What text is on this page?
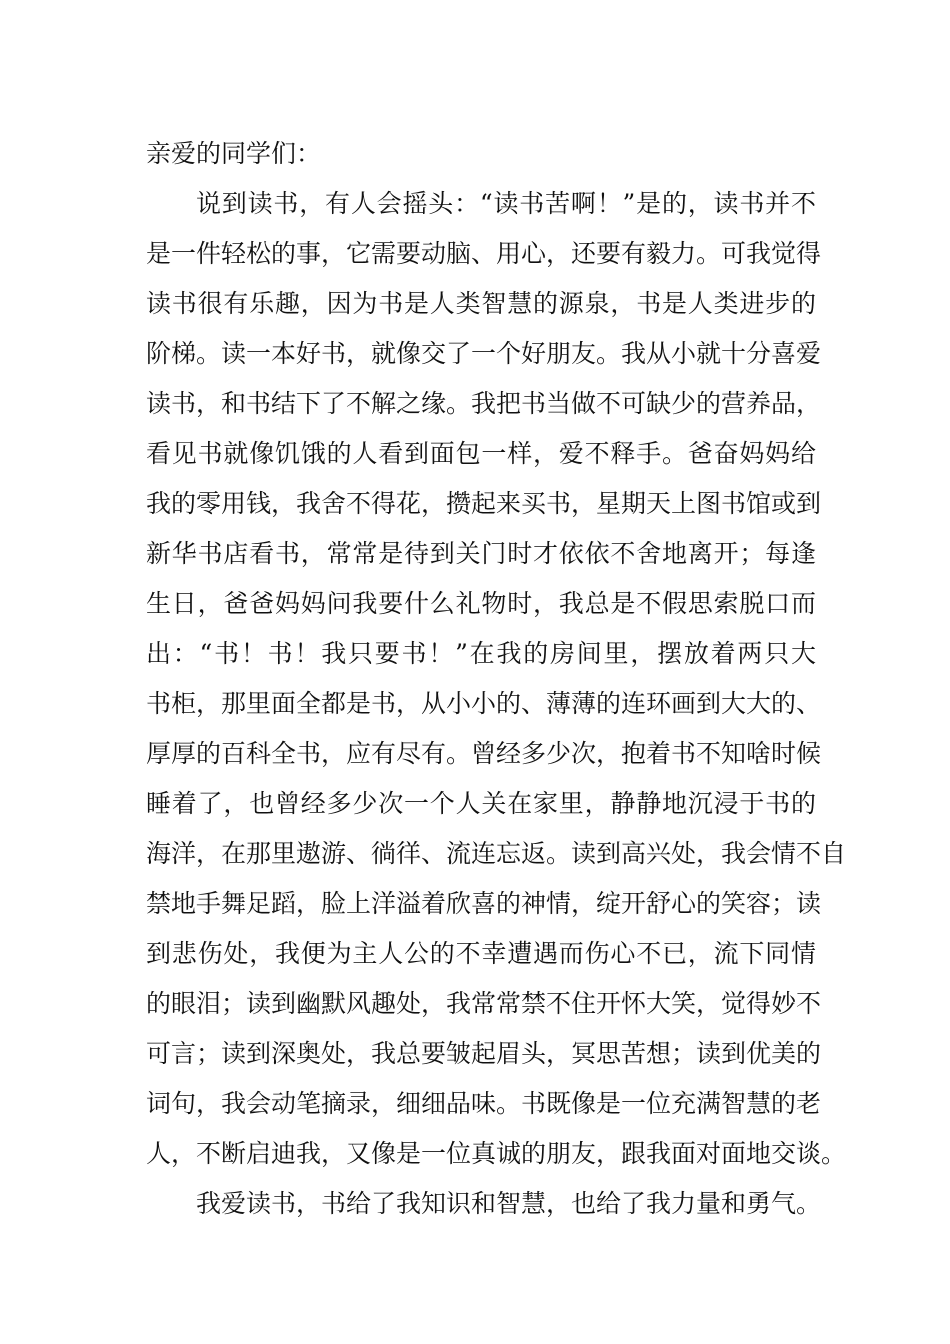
亲爱的同学们：
说到读书，有人会摇头：“读书苦啊！”是的，读书并不
是一件轻松的事，它需要动脑、用心，还要有毅力。可我觉得
读书很有乐趣，因为书是人类智慧的源泉，书是人类进步的
阶梯。读一本好书，就像交了一个好朋友。我从小就十分喜爱
读书，和书结下了不解之缘。我把书当做不可缺少的营养品，
看见书就像饥饿的人看到面包一样，爱不释手。爸奋妈妈给
我的零用钱，我舍不得花，攒起来买书，星期天上图书馆或到
新华书店看书，常常是待到关门时才依依不舍地离开；每逢
生日，爸爸妈妈问我要什么礼物时，我总是不假思索脱口而
出：“书！书！我只要书！”在我的房间里，摆放着两只大
书柜，那里面全都是书，从小小的、薄薄的连环画到大大的、
厚厚的百科全书，应有尽有。曾经多少次，抱着书不知啥时候
睡着了，也曾经多少次一个人关在家里，静静地沉浸于书的
海洋，在那里遨游、徜徉、流连忘返。读到高兴处，我会情不自
禁地手舞足蹈，脸上洋溢着欣喜的神情，绽开舒心的笑容；读
到悲伤处，我便为主人公的不幸遭遇而伤心不已，流下同情
的眼泪；读到幽默风趣处，我常常禁不住开怀大笑，觉得妙不
可言；读到深奥处，我总要皱起眉头，冥思苦想；读到优美的
词句，我会动笔摘录，细细品味。书既像是一位充满智慧的老
人，不断启迪我，又像是一位真诚的朋友，跟我面对面地交谈。
我爱读书，书给了我知识和智慧，也给了我力量和勇气。
